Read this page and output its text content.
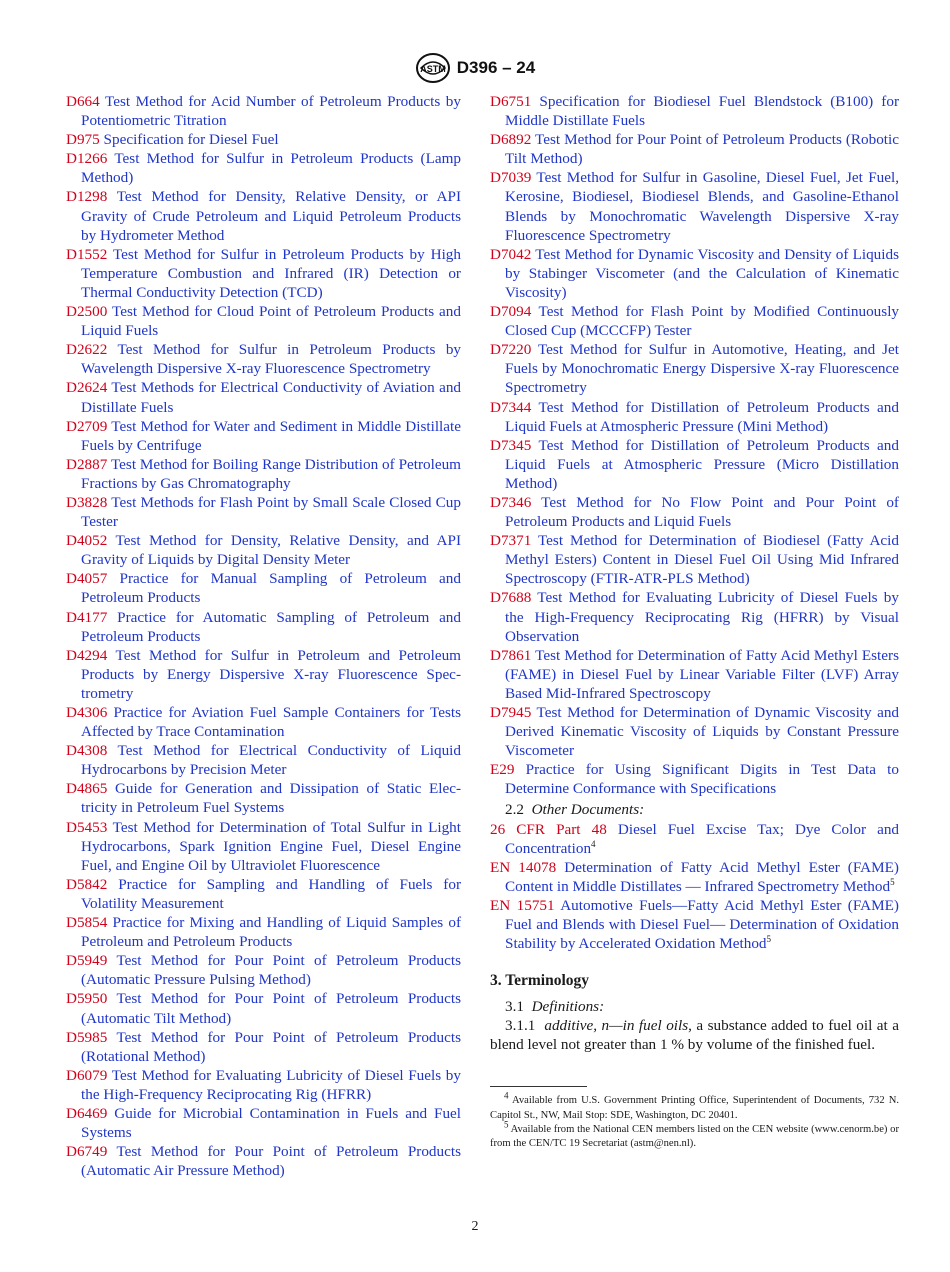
ASTM D396 – 24
D664 Test Method for Acid Number of Petroleum Products by Potentiometric Titration
D975 Specification for Diesel Fuel
D1266 Test Method for Sulfur in Petroleum Products (Lamp Method)
D1298 Test Method for Density, Relative Density, or API Gravity of Crude Petroleum and Liquid Petroleum Products by Hydrometer Method
D1552 Test Method for Sulfur in Petroleum Products by High Temperature Combustion and Infrared (IR) Detection or Thermal Conductivity Detection (TCD)
D2500 Test Method for Cloud Point of Petroleum Products and Liquid Fuels
D2622 Test Method for Sulfur in Petroleum Products by Wavelength Dispersive X-ray Fluorescence Spectrometry
D2624 Test Methods for Electrical Conductivity of Aviation and Distillate Fuels
D2709 Test Method for Water and Sediment in Middle Distillate Fuels by Centrifuge
D2887 Test Method for Boiling Range Distribution of Petroleum Fractions by Gas Chromatography
D3828 Test Methods for Flash Point by Small Scale Closed Cup Tester
D4052 Test Method for Density, Relative Density, and API Gravity of Liquids by Digital Density Meter
D4057 Practice for Manual Sampling of Petroleum and Petroleum Products
D4177 Practice for Automatic Sampling of Petroleum and Petroleum Products
D4294 Test Method for Sulfur in Petroleum and Petroleum Products by Energy Dispersive X-ray Fluorescence Spectrometry
D4306 Practice for Aviation Fuel Sample Containers for Tests Affected by Trace Contamination
D4308 Test Method for Electrical Conductivity of Liquid Hydrocarbons by Precision Meter
D4865 Guide for Generation and Dissipation of Static Electricity in Petroleum Fuel Systems
D5453 Test Method for Determination of Total Sulfur in Light Hydrocarbons, Spark Ignition Engine Fuel, Diesel Engine Fuel, and Engine Oil by Ultraviolet Fluorescence
D5842 Practice for Sampling and Handling of Fuels for Volatility Measurement
D5854 Practice for Mixing and Handling of Liquid Samples of Petroleum and Petroleum Products
D5949 Test Method for Pour Point of Petroleum Products (Automatic Pressure Pulsing Method)
D5950 Test Method for Pour Point of Petroleum Products (Automatic Tilt Method)
D5985 Test Method for Pour Point of Petroleum Products (Rotational Method)
D6079 Test Method for Evaluating Lubricity of Diesel Fuels by the High-Frequency Reciprocating Rig (HFRR)
D6469 Guide for Microbial Contamination in Fuels and Fuel Systems
D6749 Test Method for Pour Point of Petroleum Products (Automatic Air Pressure Method)
D6751 Specification for Biodiesel Fuel Blendstock (B100) for Middle Distillate Fuels
D6892 Test Method for Pour Point of Petroleum Products (Robotic Tilt Method)
D7039 Test Method for Sulfur in Gasoline, Diesel Fuel, Jet Fuel, Kerosine, Biodiesel, Biodiesel Blends, and Gasoline-Ethanol Blends by Monochromatic Wavelength Dispersive X-ray Fluorescence Spectrometry
D7042 Test Method for Dynamic Viscosity and Density of Liquids by Stabinger Viscometer (and the Calculation of Kinematic Viscosity)
D7094 Test Method for Flash Point by Modified Continuously Closed Cup (MCCCFP) Tester
D7220 Test Method for Sulfur in Automotive, Heating, and Jet Fuels by Monochromatic Energy Dispersive X-ray Fluorescence Spectrometry
D7344 Test Method for Distillation of Petroleum Products and Liquid Fuels at Atmospheric Pressure (Mini Method)
D7345 Test Method for Distillation of Petroleum Products and Liquid Fuels at Atmospheric Pressure (Micro Distillation Method)
D7346 Test Method for No Flow Point and Pour Point of Petroleum Products and Liquid Fuels
D7371 Test Method for Determination of Biodiesel (Fatty Acid Methyl Esters) Content in Diesel Fuel Oil Using Mid Infrared Spectroscopy (FTIR-ATR-PLS Method)
D7688 Test Method for Evaluating Lubricity of Diesel Fuels by the High-Frequency Reciprocating Rig (HFRR) by Visual Observation
D7861 Test Method for Determination of Fatty Acid Methyl Esters (FAME) in Diesel Fuel by Linear Variable Filter (LVF) Array Based Mid-Infrared Spectroscopy
D7945 Test Method for Determination of Dynamic Viscosity and Derived Kinematic Viscosity of Liquids by Constant Pressure Viscometer
E29 Practice for Using Significant Digits in Test Data to Determine Conformance with Specifications
2.2 Other Documents:
26 CFR Part 48 Diesel Fuel Excise Tax; Dye Color and Concentration$^4$
EN 14078 Determination of Fatty Acid Methyl Ester (FAME) Content in Middle Distillates — Infrared Spectrometry Method$^5$
EN 15751 Automotive Fuels—Fatty Acid Methyl Ester (FAME) Fuel and Blends with Diesel Fuel— Determination of Oxidation Stability by Accelerated Oxidation Method$^5$
3. Terminology
3.1 Definitions:
3.1.1 additive, n—in fuel oils, a substance added to fuel oil at a blend level not greater than 1 % by volume of the finished fuel.
$^4$ Available from U.S. Government Printing Office, Superintendent of Documents, 732 N. Capitol St., NW, Mail Stop: SDE, Washington, DC 20401.
$^5$ Available from the National CEN members listed on the CEN website (www.cenorm.be) or from the CEN/TC 19 Secretariat (astm@nen.nl).
2
